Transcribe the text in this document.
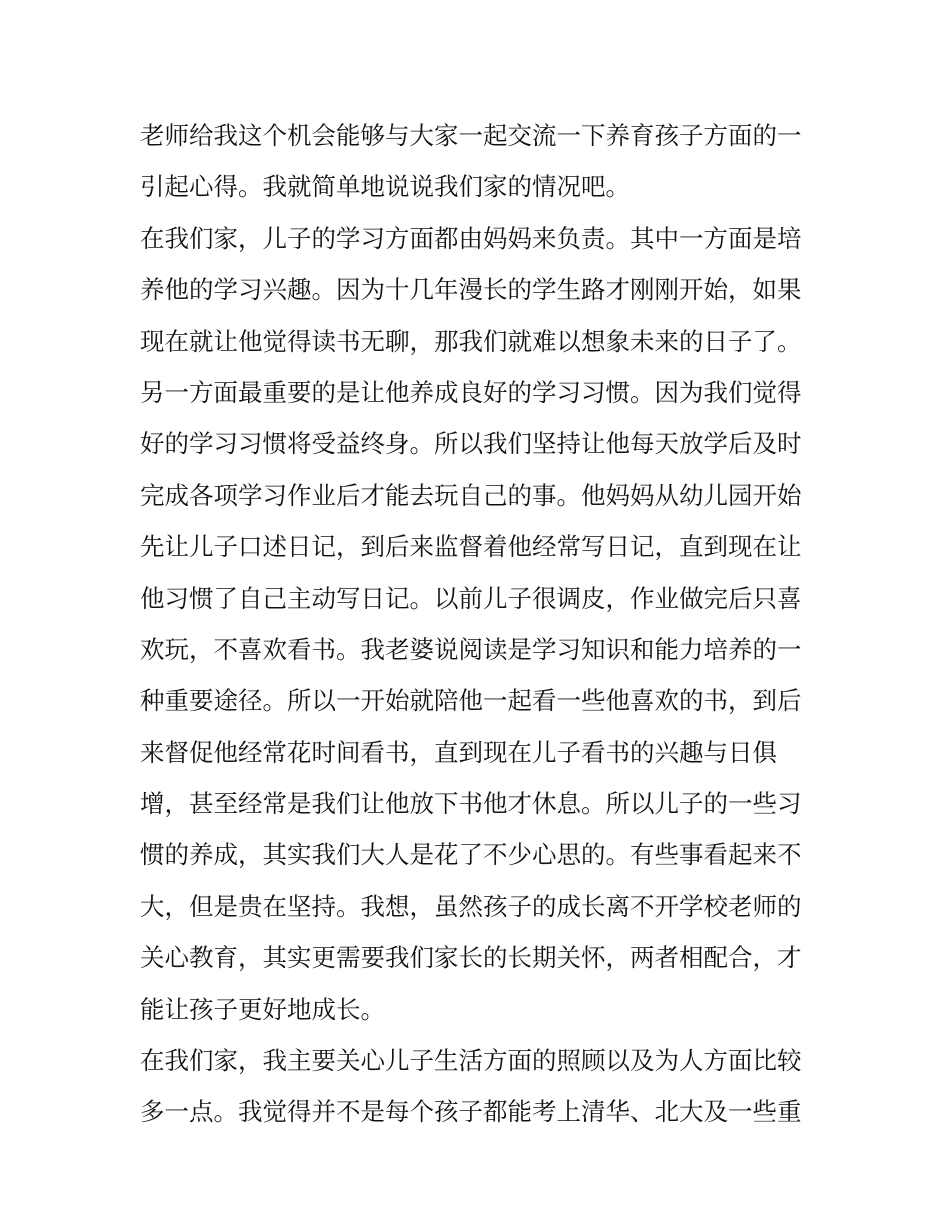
老师给我这个机会能够与大家一起交流一下养育孩子方面的一
引起心得。我就简单地说说我们家的情况吧。
在我们家，儿子的学习方面都由妈妈来负责。其中一方面是培
养他的学习兴趣。因为十几年漫长的学生路才刚刚开始，如果
现在就让他觉得读书无聊，那我们就难以想象未来的日子了。
另一方面最重要的是让他养成良好的学习习惯。因为我们觉得
好的学习习惯将受益终身。所以我们坚持让他每天放学后及时
完成各项学习作业后才能去玩自己的事。他妈妈从幼儿园开始
先让儿子口述日记，到后来监督着他经常写日记，直到现在让
他习惯了自己主动写日记。以前儿子很调皮，作业做完后只喜
欢玩，不喜欢看书。我老婆说阅读是学习知识和能力培养的一
种重要途径。所以一开始就陪他一起看一些他喜欢的书，到后
来督促他经常花时间看书，直到现在儿子看书的兴趣与日俱
增，甚至经常是我们让他放下书他才休息。所以儿子的一些习
惯的养成，其实我们大人是花了不少心思的。有些事看起来不
大，但是贵在坚持。我想，虽然孩子的成长离不开学校老师的
关心教育，其实更需要我们家长的长期关怀，两者相配合，才
能让孩子更好地成长。
在我们家，我主要关心儿子生活方面的照顾以及为人方面比较
多一点。我觉得并不是每个孩子都能考上清华、北大及一些重
